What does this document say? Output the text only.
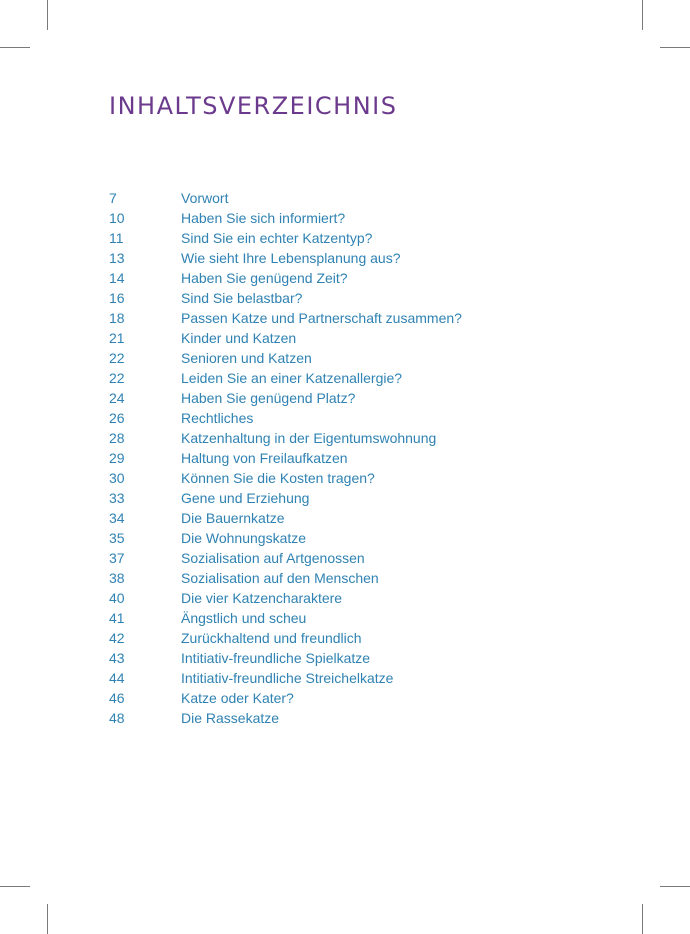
INHALTSVERZEICHNIS
7	Vorwort
10	Haben Sie sich informiert?
11	Sind Sie ein echter Katzentyp?
13	Wie sieht Ihre Lebensplanung aus?
14	Haben Sie genügend Zeit?
16	Sind Sie belastbar?
18	Passen Katze und Partnerschaft zusammen?
21	Kinder und Katzen
22	Senioren und Katzen
22	Leiden Sie an einer Katzenallergie?
24	Haben Sie genügend Platz?
26	Rechtliches
28	Katzenhaltung in der Eigentumswohnung
29	Haltung von Freilaufkatzen
30	Können Sie die Kosten tragen?
33	Gene und Erziehung
34	Die Bauernkatze
35	Die Wohnungskatze
37	Sozialisation auf Artgenossen
38	Sozialisation auf den Menschen
40	Die vier Katzencharaktere
41	Ängstlich und scheu
42	Zurückhaltend und freundlich
43	Intitiativ-freundliche Spielkatze
44	Intitiativ-freundliche Streichelkatze
46	Katze oder Kater?
48	Die Rassekatze
